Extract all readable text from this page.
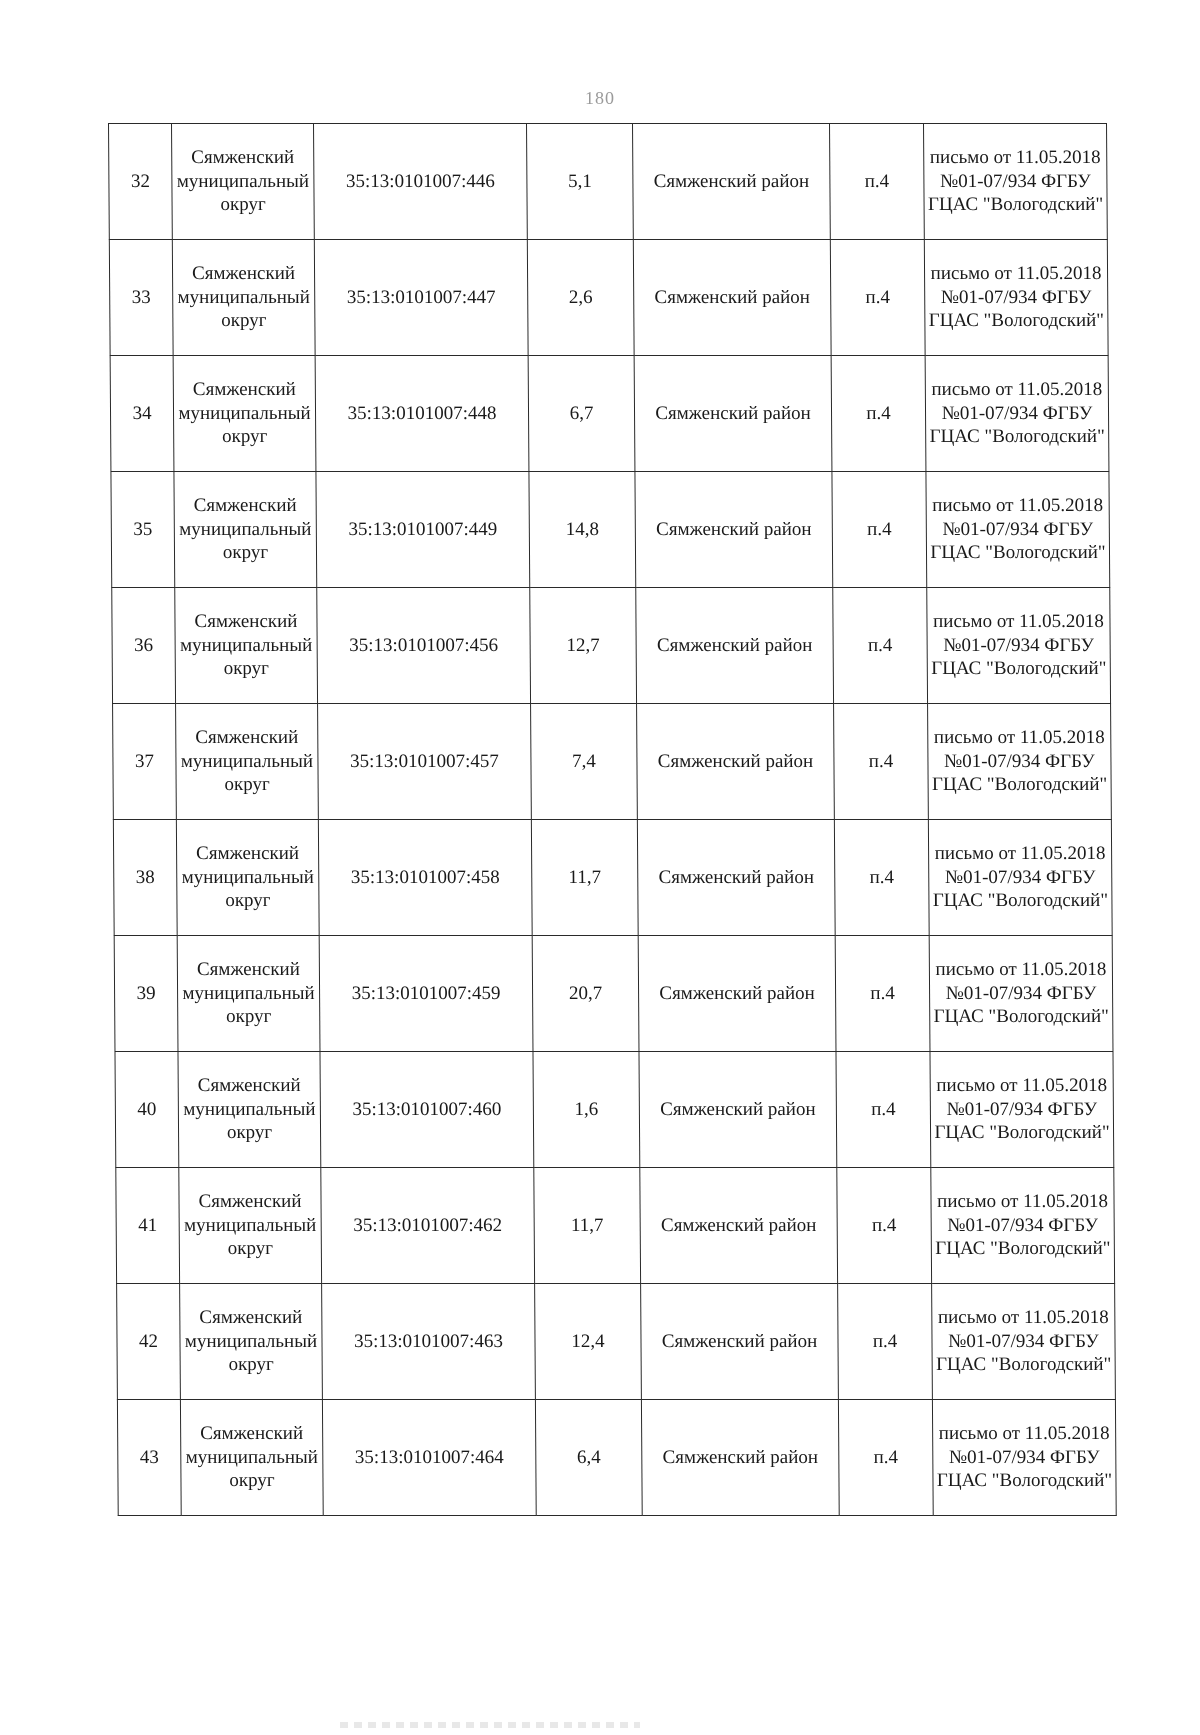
180
32	Сямженский муниципальный округ	35:13:0101007:446	5,1	Сямженский район	п.4	письмо от 11.05.2018 №01-07/934 ФГБУ ГЦАС "Вологодский"
33	Сямженский муниципальный округ	35:13:0101007:447	2,6	Сямженский район	п.4	письмо от 11.05.2018 №01-07/934 ФГБУ ГЦАС "Вологодский"
34	Сямженский муниципальный округ	35:13:0101007:448	6,7	Сямженский район	п.4	письмо от 11.05.2018 №01-07/934 ФГБУ ГЦАС "Вологодский"
35	Сямженский муниципальный округ	35:13:0101007:449	14,8	Сямженский район	п.4	письмо от 11.05.2018 №01-07/934 ФГБУ ГЦАС "Вологодский"
36	Сямженский муниципальный округ	35:13:0101007:456	12,7	Сямженский район	п.4	письмо от 11.05.2018 №01-07/934 ФГБУ ГЦАС "Вологодский"
37	Сямженский муниципальный округ	35:13:0101007:457	7,4	Сямженский район	п.4	письмо от 11.05.2018 №01-07/934 ФГБУ ГЦАС "Вологодский"
38	Сямженский муниципальный округ	35:13:0101007:458	11,7	Сямженский район	п.4	письмо от 11.05.2018 №01-07/934 ФГБУ ГЦАС "Вологодский"
39	Сямженский муниципальный округ	35:13:0101007:459	20,7	Сямженский район	п.4	письмо от 11.05.2018 №01-07/934 ФГБУ ГЦАС "Вологодский"
40	Сямженский муниципальный округ	35:13:0101007:460	1,6	Сямженский район	п.4	письмо от 11.05.2018 №01-07/934 ФГБУ ГЦАС "Вологодский"
41	Сямженский муниципальный округ	35:13:0101007:462	11,7	Сямженский район	п.4	письмо от 11.05.2018 №01-07/934 ФГБУ ГЦАС "Вологодский"
42	Сямженский муниципальный округ	35:13:0101007:463	12,4	Сямженский район	п.4	письмо от 11.05.2018 №01-07/934 ФГБУ ГЦАС "Вологодский"
43	Сямженский муниципальный округ	35:13:0101007:464	6,4	Сямженский район	п.4	письмо от 11.05.2018 №01-07/934 ФГБУ ГЦАС "Вологодский"
